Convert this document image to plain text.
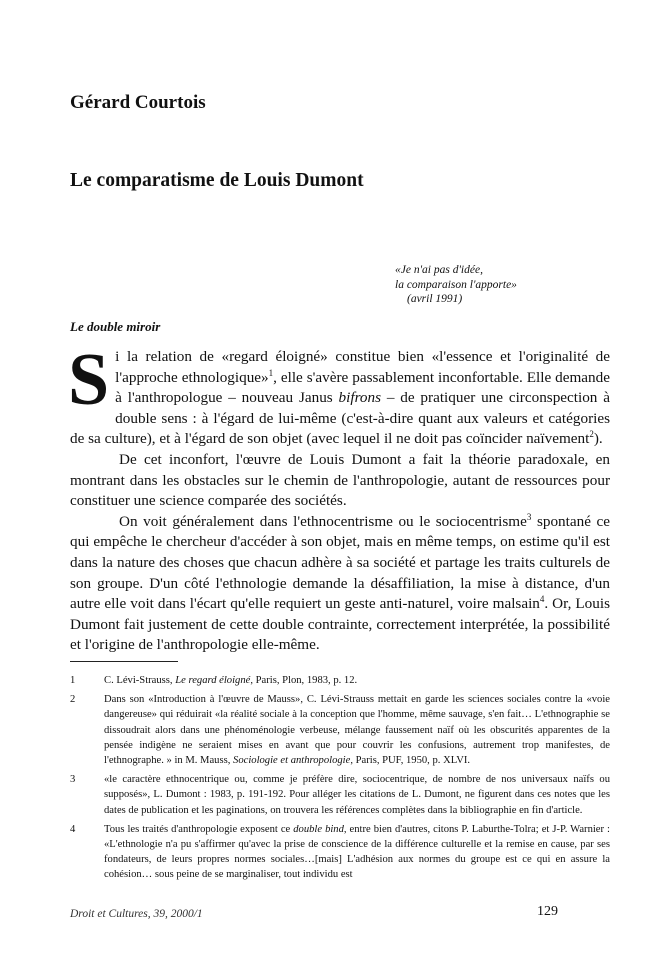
Gérard Courtois
Le comparatisme de Louis Dumont
«Je n'ai pas d'idée,
la comparaison l'apporte»
(avril 1991)
Le double miroir

Si la relation de «regard éloigné» constitue bien «l'essence et l'originalité de l'approche ethnologique»$^1$, elle s'avère passablement inconfortable. Elle demande à l'anthropologue – nouveau Janus bifrons – de pratiquer une circonspection à double sens : à l'égard de lui-même (c'est-à-dire quant aux valeurs et catégories de sa culture), et à l'égard de son objet (avec lequel il ne doit pas coïncider naïvement$^2$).

De cet inconfort, l'œuvre de Louis Dumont a fait la théorie paradoxale, en montrant dans les obstacles sur le chemin de l'anthropologie, autant de ressources pour constituer une science comparée des sociétés.

On voit généralement dans l'ethnocentrisme ou le sociocentrisme$^3$ spontané ce qui empêche le chercheur d'accéder à son objet, mais en même temps, on estime qu'il est dans la nature des choses que chacun adhère à sa société et partage les traits culturels de son groupe. D'un côté l'ethnologie demande la désaffiliation, la mise à distance, d'un autre elle voit dans l'écart qu'elle requiert un geste anti-naturel, voire malsain$^4$. Or, Louis Dumont fait justement de cette double contrainte, correctement interprétée, la possibilité et l'origine de l'anthropologie elle-même.

1	C. Lévi-Strauss, Le regard éloigné, Paris, Plon, 1983, p. 12.
2	Dans son «Introduction à l'œuvre de Mauss», C. Lévi-Strauss mettait en garde les sciences sociales contre la «voie dangereuse» qui réduirait «la réalité sociale à la conception que l'homme, même sauvage, s'en fait… L'ethnographie se dissoudrait alors dans une phénoménologie verbeuse, mélange faussement naïf où les obscurités apparentes de la pensée indigène ne seraient mises en avant que pour couvrir les confusions, autrement trop manifestes, de l'ethnographe. » in M. Mauss, Sociologie et anthropologie, Paris, PUF, 1950, p. XLVI.
3	«le caractère ethnocentrique ou, comme je préfère dire, sociocentrique, de nombre de nos universaux naïfs ou supposés», L. Dumont : 1983, p. 191-192. Pour alléger les citations de L. Dumont, ne figurent dans ces notes que les dates de publication et les paginations, on trouvera les références complètes dans la bibliographie en fin d'article.
4	Tous les traités d'anthropologie exposent ce double bind, entre bien d'autres, citons P. Laburthe-Tolra; et J-P. Warnier : «L'ethnologie n'a pu s'affirmer qu'avec la prise de conscience de la différence culturelle et la remise en cause, par ses fondateurs, de leurs propres normes sociales…[mais] L'adhésion aux normes du groupe est ce qui en assure la cohésion… sous peine de se marginaliser, tout individu est
Droit et Cultures, 39, 2000/1	129
